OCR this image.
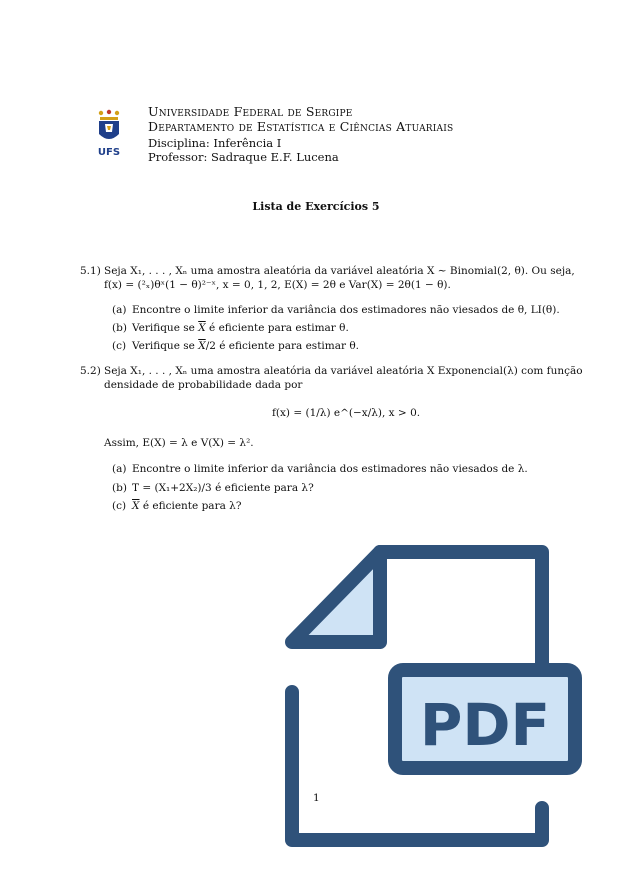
UFS
Universidade Federal de Sergipe
Departamento de Estatística e Ciências Atuariais
Disciplina: Inferência I
Professor: Sadraque E.F. Lucena
Lista de Exercícios 5
5.1) Seja X₁, . . . , Xₙ uma amostra aleatória da variável aleatória X ∼ Binomial(2, θ). Ou seja,
f(x) = (²ₓ)θˣ(1 − θ)²⁻ˣ, x = 0, 1, 2, E(X) = 2θ e Var(X) = 2θ(1 − θ).
(a) Encontre o limite inferior da variância dos estimadores não viesados de θ, LI(θ).
(b) Verifique se $\overline{X}$ é eficiente para estimar θ.
(c) Verifique se $\overline{X}/2$ é eficiente para estimar θ.
5.2) Seja X₁, . . . , Xₙ uma amostra aleatória da variável aleatória X Exponencial(λ) com função
densidade de probabilidade dada por
f(x) = (1/λ) e^(−x/λ), x > 0.
Assim, E(X) = λ e V(X) = λ².
(a) Encontre o limite inferior da variância dos estimadores não viesados de λ.
(b) T = (X₁+2X₂)/3 é eficiente para λ?
(c) $\overline{X}$ é eficiente para λ?
PDF
1
